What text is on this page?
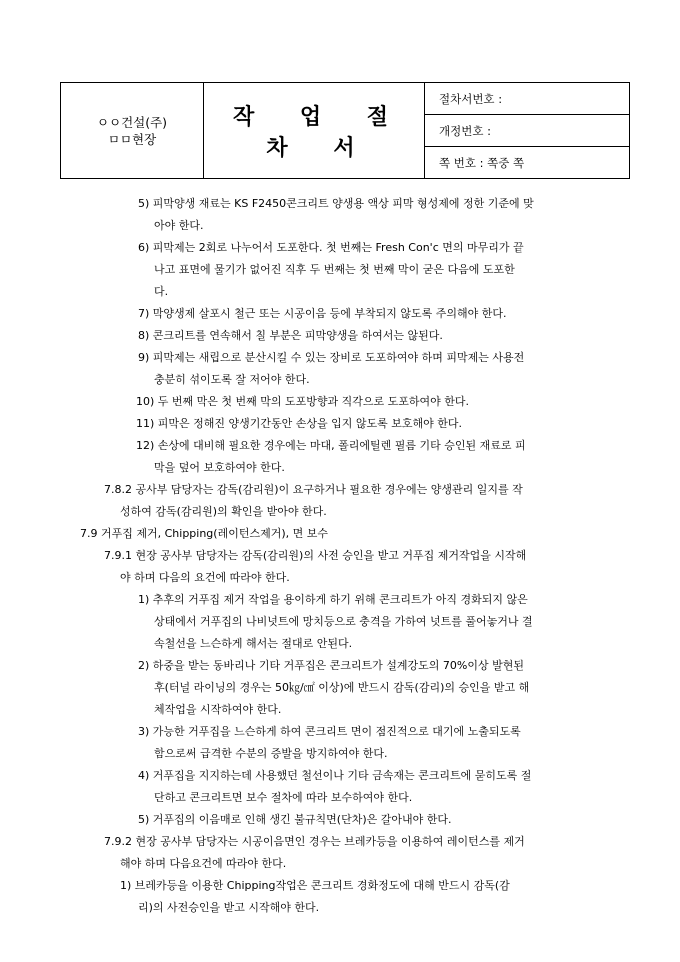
ㅇㅇ건설(주)
ㅁㅁ현장
	작 업 절 차 서	절차서번호 :
개정번호 :
쪽 번호 : 쪽중 쪽
5) 피막양생 재료는 KS F2450콘크리트 양생용 액상 피막 형성제에 정한 기준에 맞
아야 한다.
6) 피막제는 2회로 나누어서 도포한다. 첫 번째는 Fresh Con'c 면의 마무리가 끝
나고 표면에 물기가 없어진 직후 두 번째는 첫 번째 막이 굳은 다음에 도포한
다.
7) 막양생제 살포시 철근 또는 시공이음 등에 부착되지 않도록 주의해야 한다.
8) 콘크리트를 연속해서 칠 부분은 피막양생을 하여서는 않된다.
9) 피막제는 새립으로 분산시킬 수 있는 장비로 도포하여야 하며 피막제는 사용전
충분히 섞이도록 잘 저어야 한다.
10) 두 번째 막은 첫 번째 막의 도포방향과 직각으로 도포하여야 한다.
11) 피막은 정해진 양생기간동안 손상을 입지 않도록 보호해야 한다.
12) 손상에 대비해 필요한 경우에는 마대, 폴리에틸렌 필름 기타 승인된 재료로 피
막을 덮어 보호하여야 한다.
7.8.2 공사부 담당자는 감독(감리원)이 요구하거나 필요한 경우에는 양생관리 일지를 작
성하여 감독(감리원)의 확인을 받아야 한다.
7.9 거푸집 제거, Chipping(레이턴스제거), 면 보수
7.9.1 현장 공사부 담당자는 감독(감리원)의 사전 승인을 받고 거푸집 제거작업을 시작해
야 하며 다음의 요건에 따라야 한다.
1) 추후의 거푸집 제거 작업을 용이하게 하기 위해 콘크리트가 아직 경화되지 않은
상태에서 거푸집의 나비넛트에 망치등으로 충격을 가하여 넛트를 풀어놓거나 결
속철선을 느슨하게 해서는 절대로 안된다.
2) 하중을 받는 동바리나 기타 거푸집은 콘크리트가 설계강도의 70%이상 발현된
후(터널 라이닝의 경우는 50㎏/㎠ 이상)에 반드시 감독(감리)의 승인을 받고 해
체작업을 시작하여야 한다.
3) 가능한 거푸집을 느슨하게 하여 콘크리트 면이 점진적으로 대기에 노출되도록
함으로써 급격한 수분의 증발을 방지하여야 한다.
4) 거푸집을 지지하는데 사용했던 철선이나 기타 금속재는 콘크리트에 묻히도록 절
단하고 콘크리트면 보수 절차에 따라 보수하여야 한다.
5) 거푸집의 이음매로 인해 생긴 불규칙면(단차)은 갈아내야 한다.
7.9.2 현장 공사부 담당자는 시공이음면인 경우는 브레카등을 이용하여 레이턴스를 제거
해야 하며 다음요건에 따라야 한다.
1) 브레카등을 이용한 Chipping작업은 콘크리트 경화정도에 대해 반드시 감독(감
리)의 사전승인을 받고 시작해야 한다.
